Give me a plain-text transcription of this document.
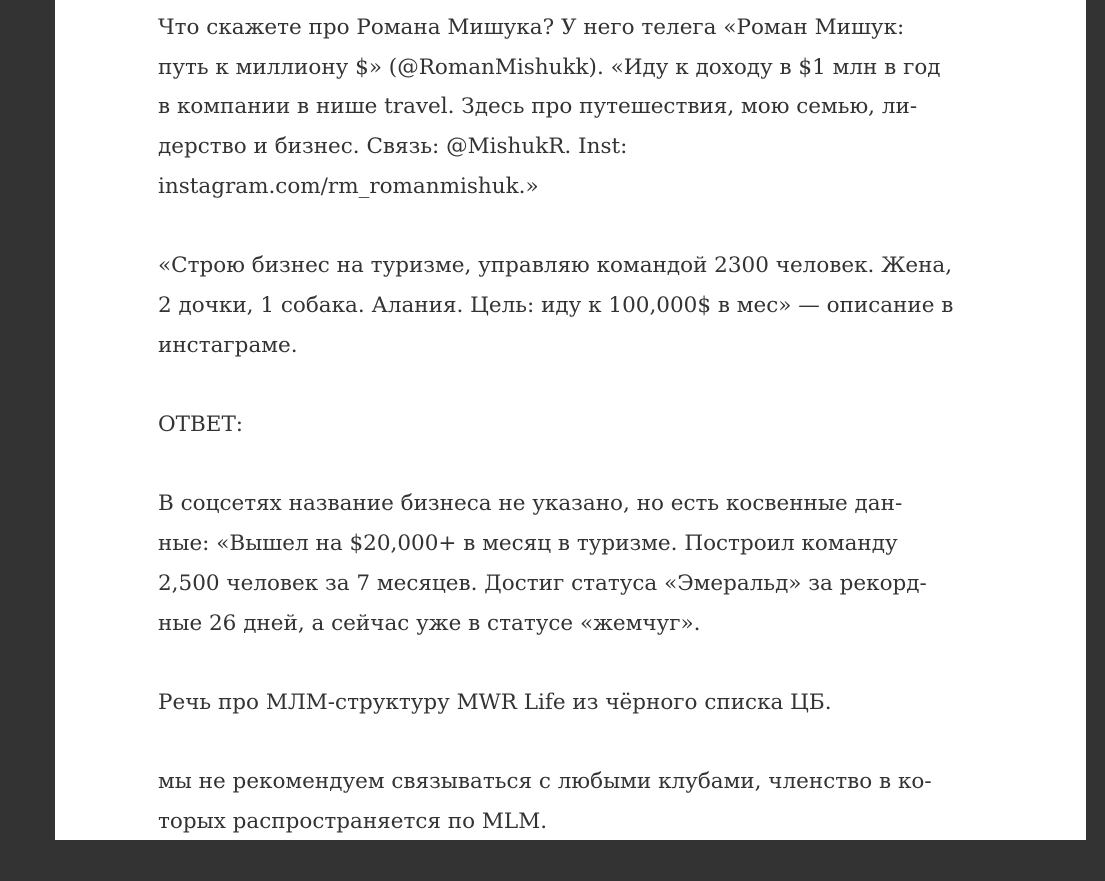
Что скажете про Романа Мишука? У него телега «Роман Мишук:
путь к миллиону $» (@RomanMishukk). «Иду к доходу в $1 млн в год
в компании в нише travel. Здесь про путешествия, мою семью, ли-
дерство и бизнес. Связь: @MishukR. Inst:
instagram.com/rm_romanmishuk.»

«Строю бизнес на туризме, управляю командой 2300 человек. Жена,
2 дочки, 1 собака. Алания. Цель: иду к 100,000$ в мес» — описание в
инстаграме.

ОТВЕТ:

В соцсетях название бизнеса не указано, но есть косвенные дан-
ные: «Вышел на $20,000+ в месяц в туризме. Построил команду
2,500 человек за 7 месяцев. Достиг статуса «Эмеральд» за рекорд-
ные 26 дней, а сейчас уже в статусе «жемчуг».

Речь про МЛМ-структуру MWR Life из чёрного списка ЦБ.

мы не рекомендуем связываться с любыми клубами, членство в ко-
торых распространяется по MLM.
